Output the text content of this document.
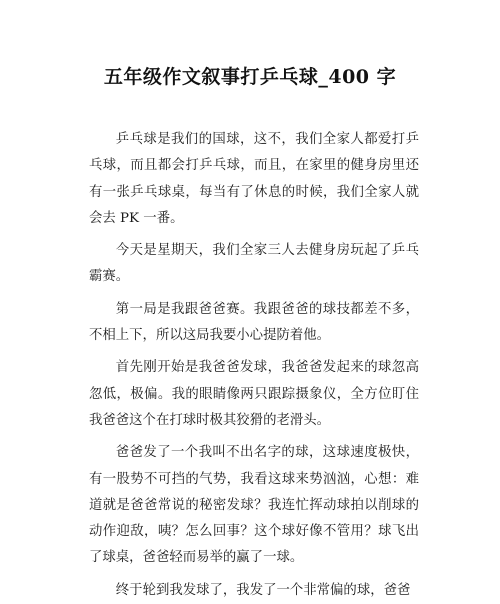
五年级作文叙事打乒乓球_400 字

乒乓球是我们的国球，这不，我们全家人都爱打乒乓球，而且都会打乒乓球，而且，在家里的健身房里还有一张乒乓球桌，每当有了休息的时候，我们全家人就会去 PK 一番。

今天是星期天，我们全家三人去健身房玩起了乒乓霸赛。

第一局是我跟爸爸赛。我跟爸爸的球技都差不多，不相上下，所以这局我要小心提防着他。

首先刚开始是我爸爸发球，我爸爸发起来的球忽高忽低，极偏。我的眼睛像两只跟踪摄象仪，全方位盯住我爸爸这个在打球时极其狡猾的老滑头。

爸爸发了一个我叫不出名字的球，这球速度极快，有一股势不可挡的气势，我看这球来势汹汹，心想：难道就是爸爸常说的秘密发球？我连忙挥动球拍以削球的动作迎敌，咦？怎么回事？这个球好像不管用？球飞出了球桌，爸爸轻而易举的赢了一球。

终于轮到我发球了，我发了一个非常偏的球，爸爸
